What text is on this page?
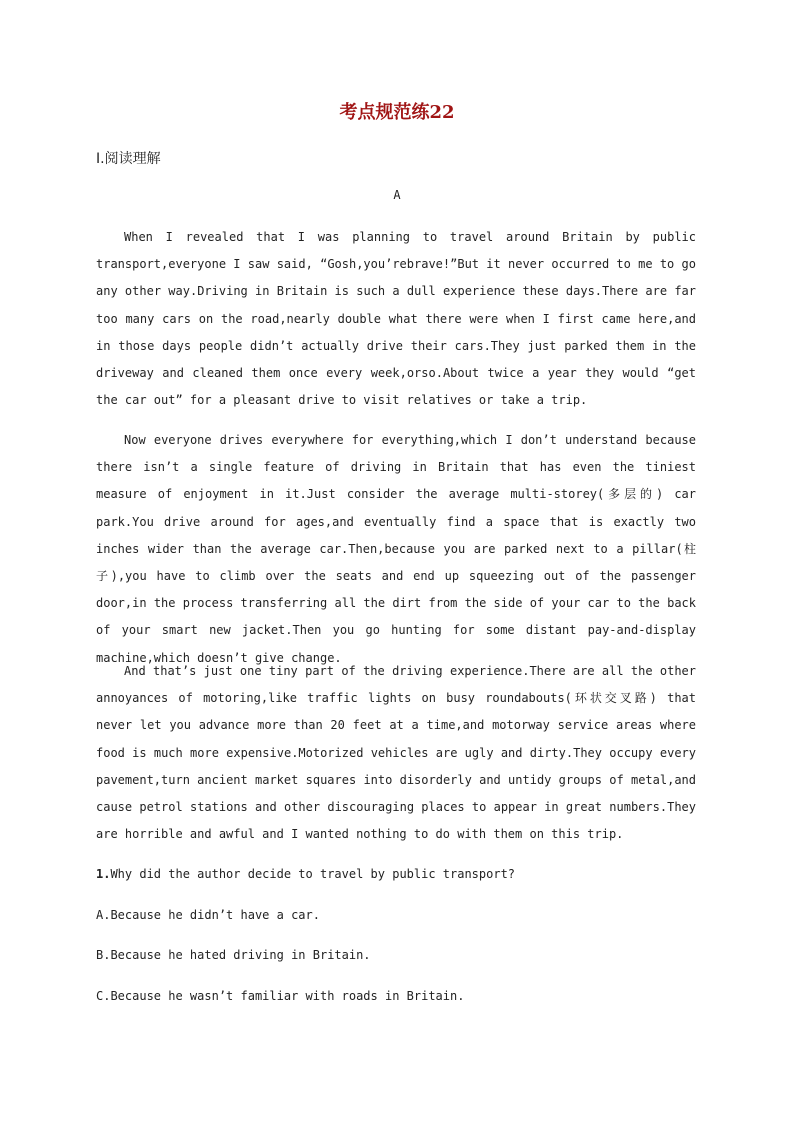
考点规范练22
Ⅰ.阅读理解
A

When I revealed that I was planning to travel around Britain by public transport,everyone I saw said, “Gosh,you’rebrave!”But it never occurred to me to go any other way.Driving in Britain is such a dull experience these days.There are far too many cars on the road,nearly double what there were when I first came here,and in those days people didn’t actually drive their cars.They just parked them in the driveway and cleaned them once every week,orso.About twice a year they would “get the car out” for a pleasant drive to visit relatives or take a trip.

Now everyone drives everywhere for everything,which I don’t understand because there isn’t a single feature of driving in Britain that has even the tiniest measure of enjoyment in it.Just consider the average multi-storey(多层的) car park.You drive around for ages,and eventually find a space that is exactly two inches wider than the average car.Then,because you are parked next to a pillar(柱子),you have to climb over the seats and end up squeezing out of the passenger door,in the process transferring all the dirt from the side of your car to the back of your smart new jacket.Then you go hunting for some distant pay-and-display machine,which doesn’t give change.

And that’s just one tiny part of the driving experience.There are all the other annoyances of motoring,like traffic lights on busy roundabouts(环状交叉路) that never let you advance more than 20 feet at a time,and motorway service areas where food is much more expensive.Motorized vehicles are ugly and dirty.They occupy every pavement,turn ancient market squares into disorderly and untidy groups of metal,and cause petrol stations and other discouraging places to appear in great numbers.They are horrible and awful and I wanted nothing to do with them on this trip.

1.Why did the author decide to travel by public transport?
A.Because he didn’t have a car.
B.Because he hated driving in Britain.
C.Because he wasn’t familiar with roads in Britain.
